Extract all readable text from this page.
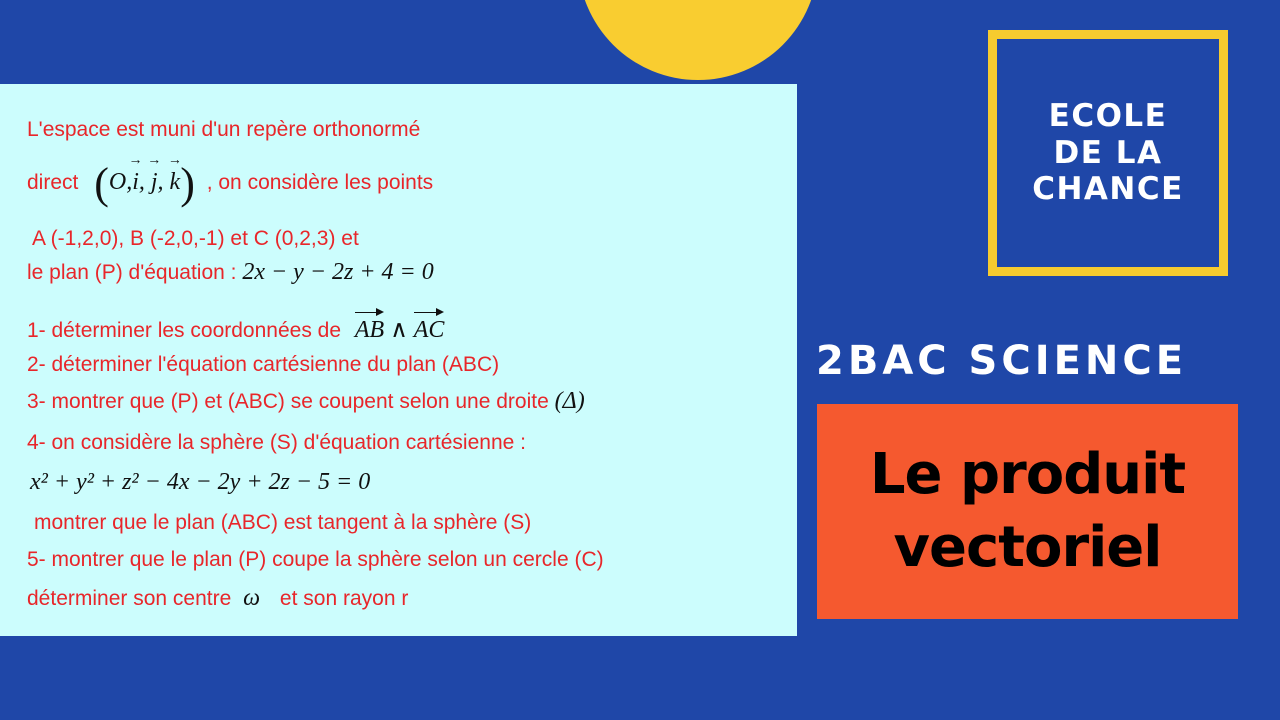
L'espace est muni d'un repère orthonormé
direct (O,→ i, → j, → k) , on considère les points
A (-1,2,0), B (-2,0,-1) et C (0,2,3) et
le plan (P) d'équation : 2x − y − 2z + 4 = 0
1- déterminer les coordonnées de AB ∧ AC
2- déterminer l'équation cartésienne du plan (ABC)
3- montrer que (P) et (ABC) se coupent selon une droite (Δ)
4- on considère la sphère (S) d'équation cartésienne :
x² + y² + z² − 4x − 2y + 2z − 5 = 0
montrer que le plan (ABC) est tangent à la sphère (S)
5- montrer que le plan (P) coupe la sphère selon un cercle (C)
déterminer son centre ω et son rayon r
ECOLE
DE LA
CHANCE
2BAC SCIENCE
Le produit
vectoriel
